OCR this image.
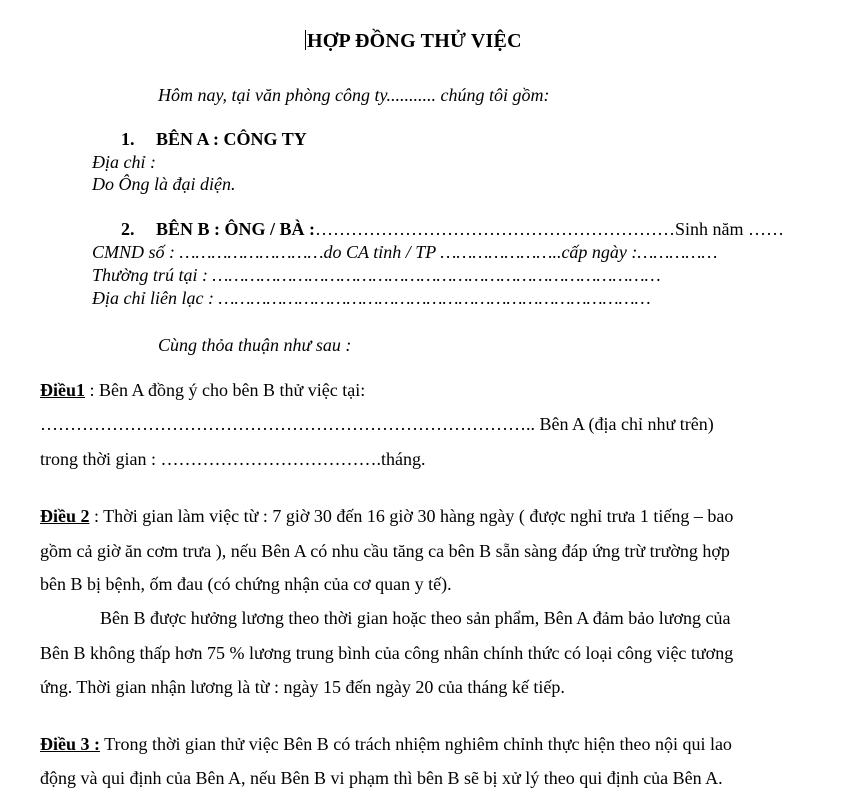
HỢP ĐỒNG THỬ VIỆC
Hôm nay, tại văn phòng công ty........... chúng tôi gồm:
1. BÊN A : CÔNG TY
Địa chỉ :
Do Ông là đại diện.
2. BÊN B : ÔNG / BÀ :……………………………………………………Sinh năm ……
CMND số : ………………………do CA tỉnh / TP …………………..cấp ngày :……………
Thường trú tại : …………………………………………………………………………
Địa chỉ liên lạc : ………………………………………………………………………
Cùng thỏa thuận như sau :
Điều1 : Bên A đồng ý cho bên B thử việc tại:
……………………………………………………………………….. Bên A (địa chỉ như trên)
trong thời gian : ……………………………….tháng.
Điều 2 : Thời gian làm việc từ : 7 giờ 30 đến 16 giờ 30 hàng ngày ( được nghỉ trưa 1 tiếng – bao
gồm cả giờ ăn cơm trưa ), nếu Bên A có nhu cầu tăng ca bên B sẵn sàng đáp ứng trừ trường hợp
bên B bị bệnh, ốm đau (có chứng nhận của cơ quan y tế).
Bên B được hưởng lương theo thời gian hoặc theo sản phẩm, Bên A đảm bảo lương của
Bên B không thấp hơn 75 % lương trung bình của công nhân chính thức có loại công việc tương
ứng. Thời gian nhận lương là từ : ngày 15 đến ngày 20 của tháng kế tiếp.
Điều 3 : Trong thời gian thử việc Bên B có trách nhiệm nghiêm chỉnh thực hiện theo nội qui lao
động và qui định của Bên A, nếu Bên B vi phạm thì bên B sẽ bị xử lý theo qui định của Bên A.
